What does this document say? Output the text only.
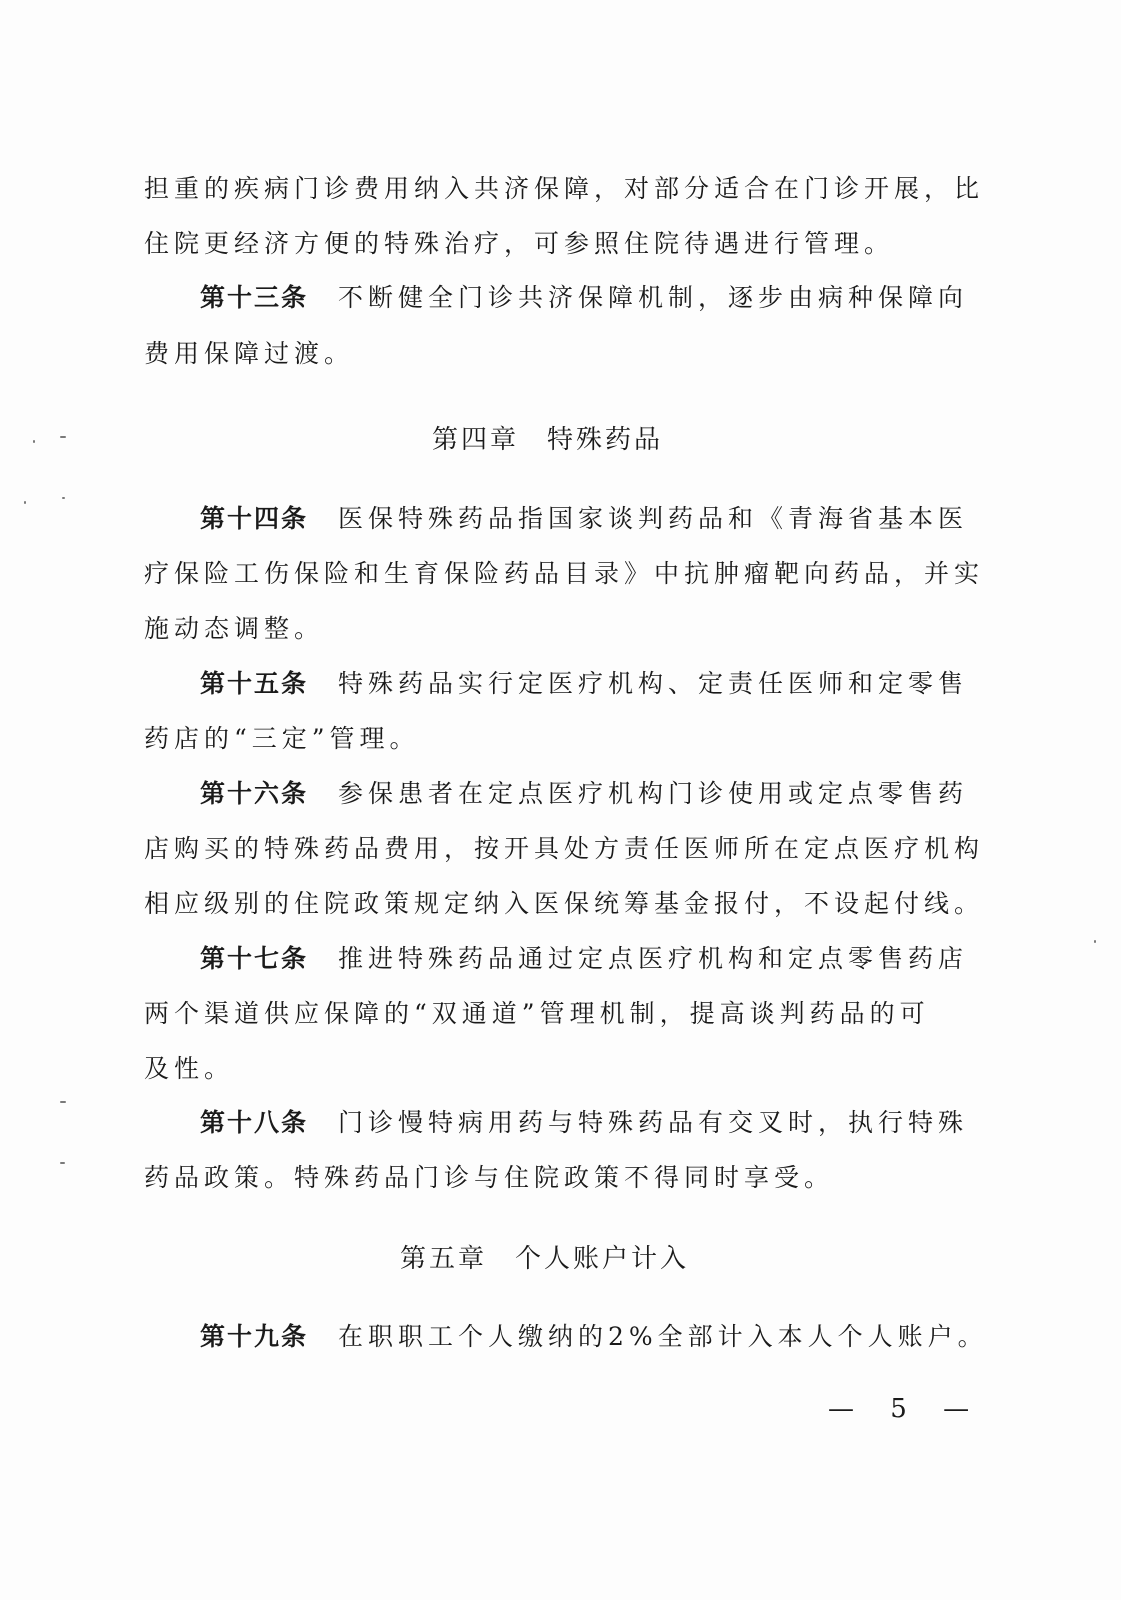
担重的疾病门诊费用纳入共济保障，对部分适合在门诊开展，比
住院更经济方便的特殊治疗，可参照住院待遇进行管理。
第十三条 不断健全门诊共济保障机制，逐步由病种保障向
费用保障过渡。
第四章 特殊药品
第十四条 医保特殊药品指国家谈判药品和《青海省基本医
疗保险工伤保险和生育保险药品目录》中抗肿瘤靶向药品，并实
施动态调整。
第十五条 特殊药品实行定医疗机构、定责任医师和定零售
药店的“三定”管理。
第十六条 参保患者在定点医疗机构门诊使用或定点零售药
店购买的特殊药品费用，按开具处方责任医师所在定点医疗机构
相应级别的住院政策规定纳入医保统筹基金报付，不设起付线。
第十七条 推进特殊药品通过定点医疗机构和定点零售药店
两个渠道供应保障的“双通道”管理机制，提高谈判药品的可
及性。
第十八条 门诊慢特病用药与特殊药品有交叉时，执行特殊
药品政策。特殊药品门诊与住院政策不得同时享受。
第五章 个人账户计入
第十九条 在职职工个人缴纳的2%全部计入本人个人账户。
— 5 —
